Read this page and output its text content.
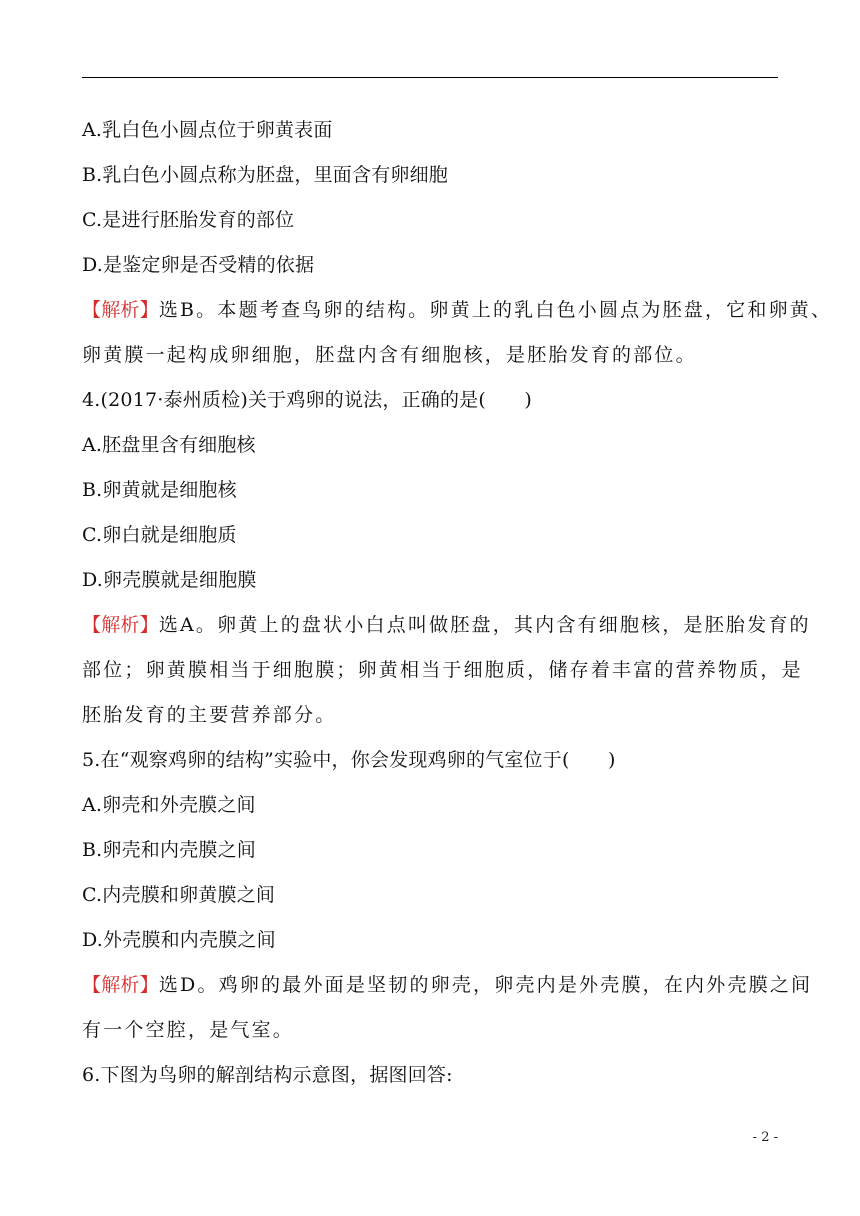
A.乳白色小圆点位于卵黄表面
B.乳白色小圆点称为胚盘，里面含有卵细胞
C.是进行胚胎发育的部位
D.是鉴定卵是否受精的依据
【解析】选B。本题考查鸟卵的结构。卵黄上的乳白色小圆点为胚盘，它和卵黄、
卵黄膜一起构成卵细胞，胚盘内含有细胞核，是胚胎发育的部位。
4.(2017·泰州质检)关于鸡卵的说法，正确的是(　　)
A.胚盘里含有细胞核
B.卵黄就是细胞核
C.卵白就是细胞质
D.卵壳膜就是细胞膜
【解析】选A。卵黄上的盘状小白点叫做胚盘，其内含有细胞核，是胚胎发育的
部位；卵黄膜相当于细胞膜；卵黄相当于细胞质，储存着丰富的营养物质，是
胚胎发育的主要营养部分。
5.在“观察鸡卵的结构”实验中，你会发现鸡卵的气室位于(　　)
A.卵壳和外壳膜之间
B.卵壳和内壳膜之间
C.内壳膜和卵黄膜之间
D.外壳膜和内壳膜之间
【解析】选D。鸡卵的最外面是坚韧的卵壳，卵壳内是外壳膜，在内外壳膜之间
有一个空腔，是气室。
6.下图为鸟卵的解剖结构示意图，据图回答:
- 2 -
